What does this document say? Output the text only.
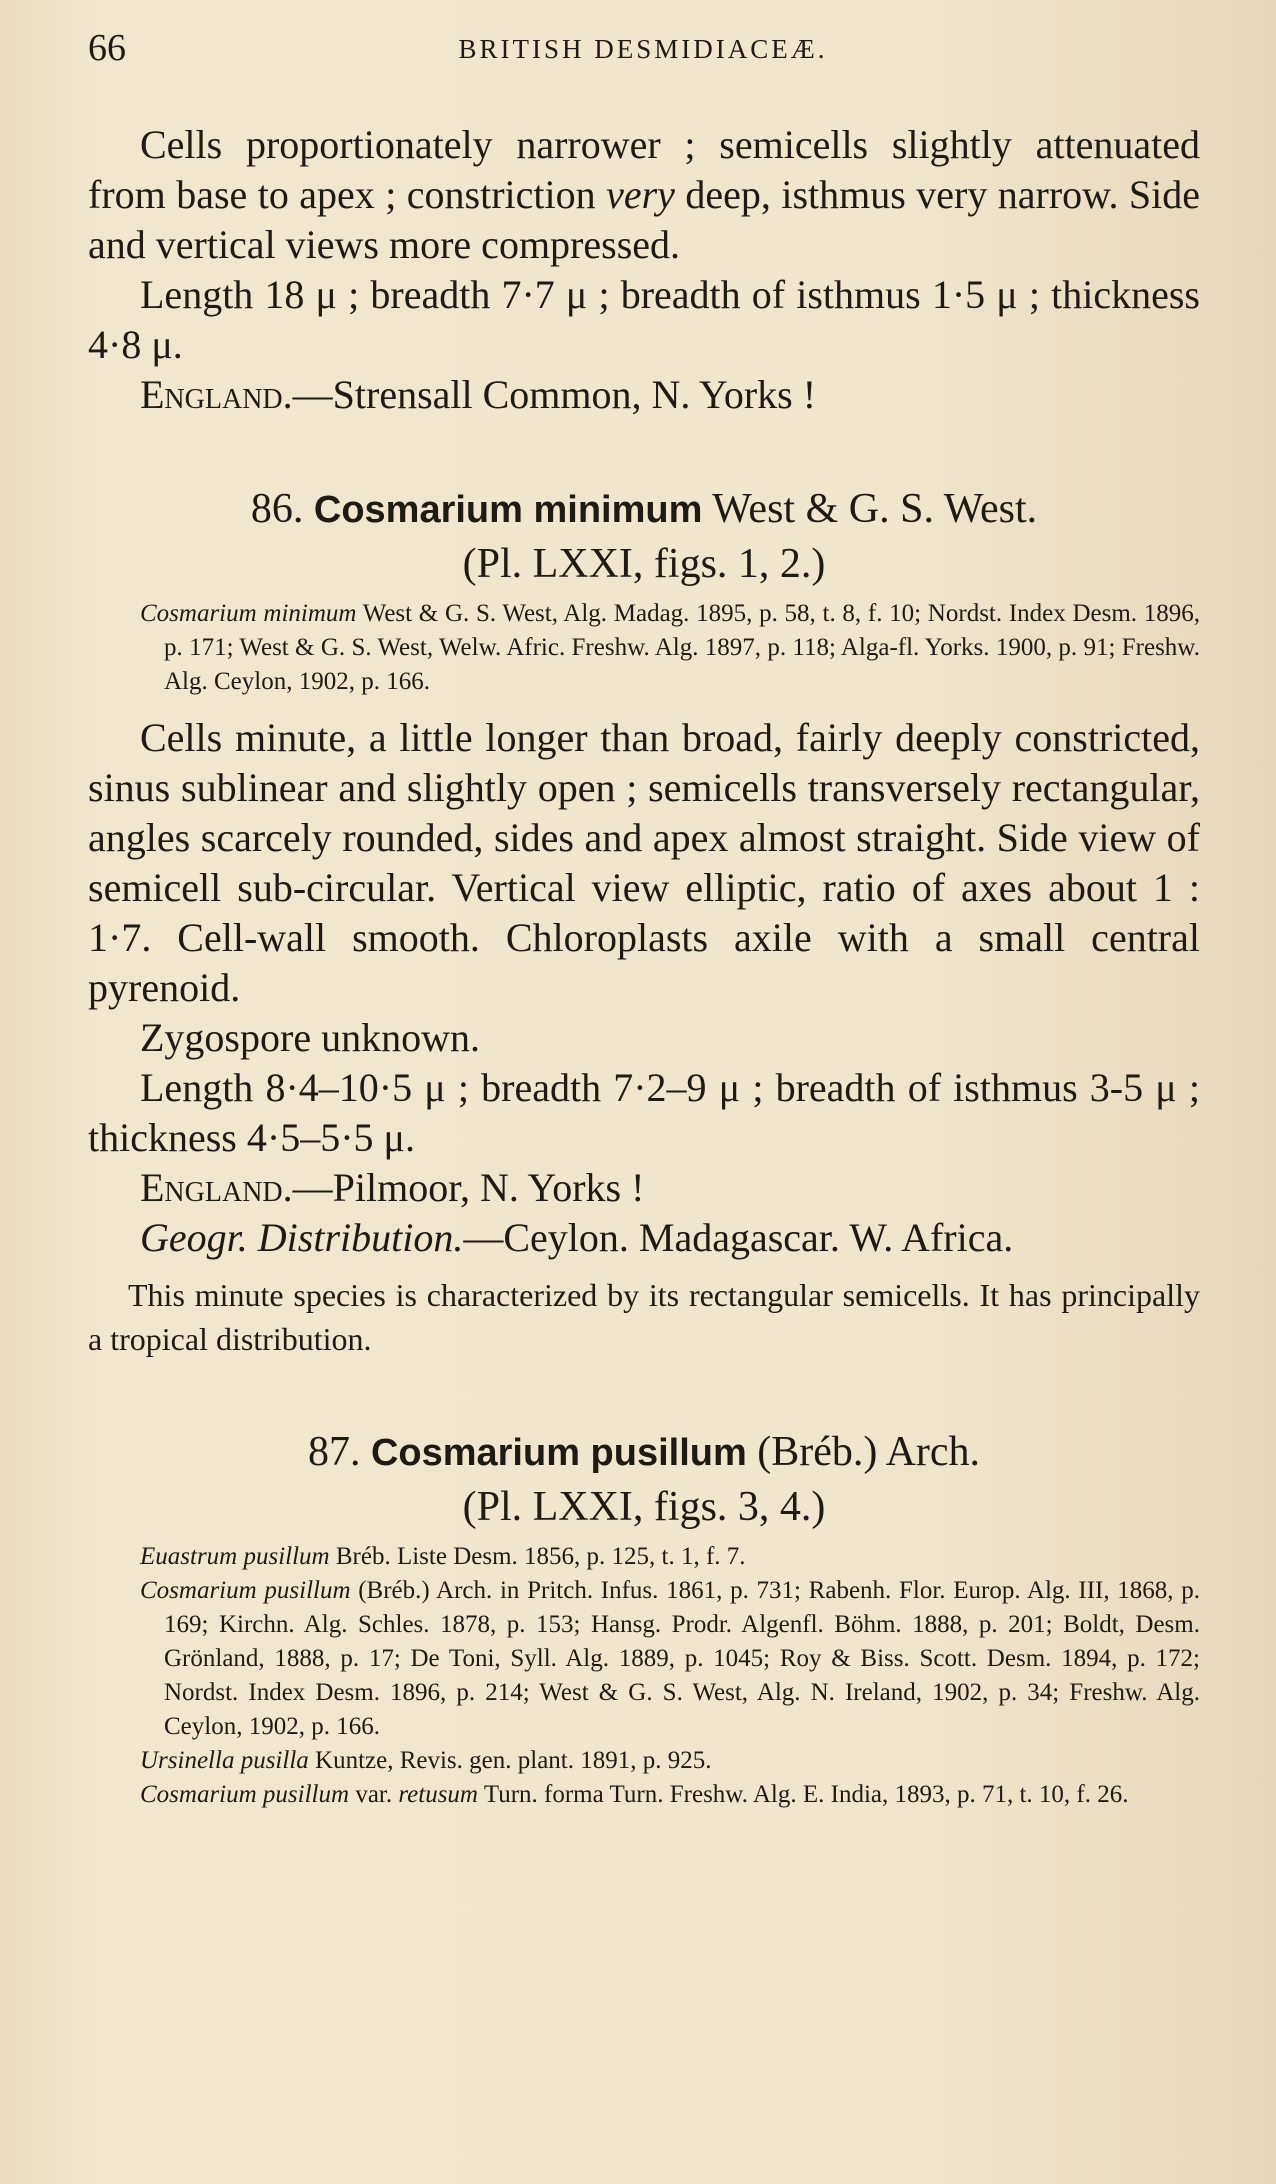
66	BRITISH DESMIDIACEÆ.

Cells proportionately narrower ; semicells slightly attenuated from base to apex ; constriction very deep, isthmus very narrow. Side and vertical views more compressed.

Length 18 μ ; breadth 7·7 μ ; breadth of isthmus 1·5 μ ; thickness 4·8 μ.

England.—Strensall Common, N. Yorks !

86. Cosmarium minimum West & G. S. West.

(Pl. LXXI, figs. 1, 2.)

Cosmarium minimum West & G. S. West, Alg. Madag. 1895, p. 58, t. 8, f. 10; Nordst. Index Desm. 1896, p. 171; West & G. S. West, Welw. Afric. Freshw. Alg. 1897, p. 118; Alga-fl. Yorks. 1900, p. 91; Freshw. Alg. Ceylon, 1902, p. 166.

Cells minute, a little longer than broad, fairly deeply constricted, sinus sublinear and slightly open ; semicells transversely rectangular, angles scarcely rounded, sides and apex almost straight. Side view of semicell sub-circular. Vertical view elliptic, ratio of axes about 1 : 1·7. Cell-wall smooth. Chloroplasts axile with a small central pyrenoid.

Zygospore unknown.

Length 8·4–10·5 μ ; breadth 7·2–9 μ ; breadth of isthmus 3-5 μ ; thickness 4·5–5·5 μ.

England.—Pilmoor, N. Yorks !

Geogr. Distribution.—Ceylon. Madagascar. W. Africa.

This minute species is characterized by its rectangular semicells. It has principally a tropical distribution.

87. Cosmarium pusillum (Bréb.) Arch.

(Pl. LXXI, figs. 3, 4.)

Euastrum pusillum Bréb. Liste Desm. 1856, p. 125, t. 1, f. 7.

Cosmarium pusillum (Bréb.) Arch. in Pritch. Infus. 1861, p. 731; Rabenh. Flor. Europ. Alg. III, 1868, p. 169; Kirchn. Alg. Schles. 1878, p. 153; Hansg. Prodr. Algenfl. Böhm. 1888, p. 201; Boldt, Desm. Grönland, 1888, p. 17; De Toni, Syll. Alg. 1889, p. 1045; Roy & Biss. Scott. Desm. 1894, p. 172; Nordst. Index Desm. 1896, p. 214; West & G. S. West, Alg. N. Ireland, 1902, p. 34; Freshw. Alg. Ceylon, 1902, p. 166.

Ursinella pusilla Kuntze, Revis. gen. plant. 1891, p. 925.

Cosmarium pusillum var. retusum Turn. forma Turn. Freshw. Alg. E. India, 1893, p. 71, t. 10, f. 26.
